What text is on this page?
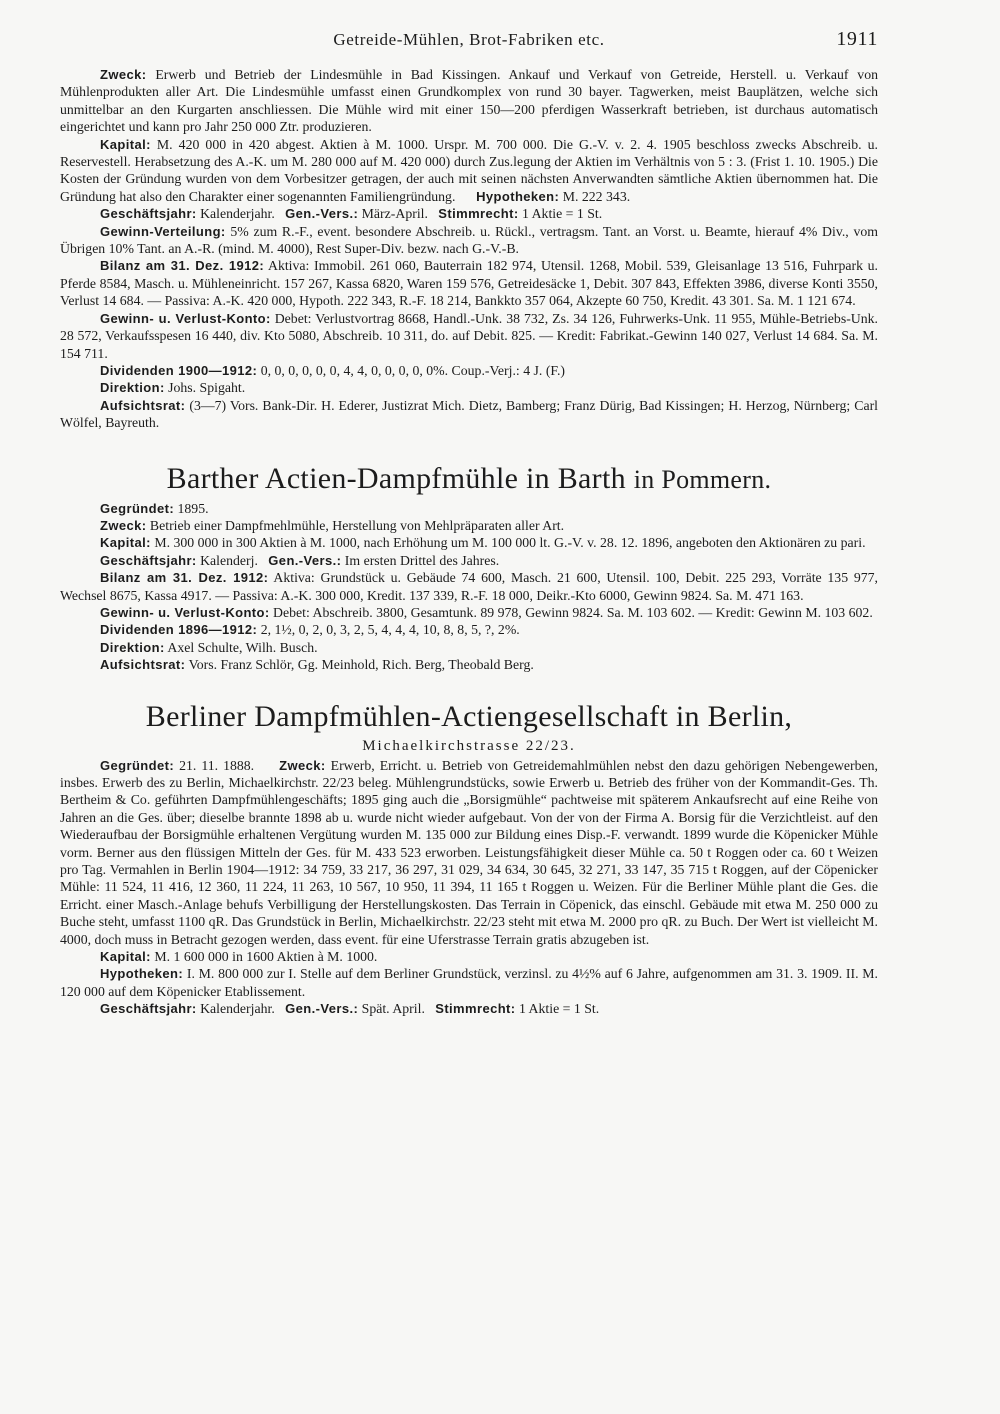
Getreide-Mühlen, Brot-Fabriken etc.	1911

Zweck: Erwerb und Betrieb der Lindesmühle in Bad Kissingen. Ankauf und Verkauf von Getreide, Herstell. u. Verkauf von Mühlenprodukten aller Art. Die Lindesmühle umfasst einen Grundkomplex von rund 30 bayer. Tagwerken, meist Bauplätzen, welche sich unmittelbar an den Kurgarten anschliessen. Die Mühle wird mit einer 150—200 pferdigen Wasserkraft betrieben, ist durchaus automatisch eingerichtet und kann pro Jahr 250 000 Ztr. produzieren.

Kapital: M. 420 000 in 420 abgest. Aktien à M. 1000. Urspr. M. 700 000. Die G.-V. v. 2. 4. 1905 beschloss zwecks Abschreib. u. Reservestell. Herabsetzung des A.-K. um M. 280 000 auf M. 420 000) durch Zus.legung der Aktien im Verhältnis von 5 : 3. (Frist 1. 10. 1905.) Die Kosten der Gründung wurden von dem Vorbesitzer getragen, der auch mit seinen nächsten Anverwandten sämtliche Aktien übernommen hat. Die Gründung hat also den Charakter einer sogenannten Familiengründung. Hypotheken: M. 222 343.

Geschäftsjahr: Kalenderjahr. Gen.-Vers.: März-April. Stimmrecht: 1 Aktie = 1 St.

Gewinn-Verteilung: 5% zum R.-F., event. besondere Abschreib. u. Rückl., vertragsm. Tant. an Vorst. u. Beamte, hierauf 4% Div., vom Übrigen 10% Tant. an A.-R. (mind. M. 4000), Rest Super-Div. bezw. nach G.-V.-B.

Bilanz am 31. Dez. 1912: Aktiva: Immobil. 261 060, Bauterrain 182 974, Utensil. 1268, Mobil. 539, Gleisanlage 13 516, Fuhrpark u. Pferde 8584, Masch. u. Mühleneinricht. 157 267, Kassa 6820, Waren 159 576, Getreidesäcke 1, Debit. 307 843, Effekten 3986, diverse Konti 3550, Verlust 14 684. — Passiva: A.-K. 420 000, Hypoth. 222 343, R.-F. 18 214, Bankkto 357 064, Akzepte 60 750, Kredit. 43 301. Sa. M. 1 121 674.

Gewinn- u. Verlust-Konto: Debet: Verlustvortrag 8668, Handl.-Unk. 38 732, Zs. 34 126, Fuhrwerks-Unk. 11 955, Mühle-Betriebs-Unk. 28 572, Verkaufsspesen 16 440, div. Kto 5080, Abschreib. 10 311, do. auf Debit. 825. — Kredit: Fabrikat.-Gewinn 140 027, Verlust 14 684. Sa. M. 154 711.

Dividenden 1900—1912: 0, 0, 0, 0, 0, 0, 4, 4, 0, 0, 0, 0, 0%. Coup.-Verj.: 4 J. (F.)

Direktion: Johs. Spigaht.

Aufsichtsrat: (3—7) Vors. Bank-Dir. H. Ederer, Justizrat Mich. Dietz, Bamberg; Franz Dürig, Bad Kissingen; H. Herzog, Nürnberg; Carl Wölfel, Bayreuth.

Barther Actien-Dampfmühle in Barth in Pommern.

Gegründet: 1895.

Zweck: Betrieb einer Dampfmehlmühle, Herstellung von Mehlpräparaten aller Art.

Kapital: M. 300 000 in 300 Aktien à M. 1000, nach Erhöhung um M. 100 000 lt. G.-V. v. 28. 12. 1896, angeboten den Aktionären zu pari.

Geschäftsjahr: Kalenderj. Gen.-Vers.: Im ersten Drittel des Jahres.

Bilanz am 31. Dez. 1912: Aktiva: Grundstück u. Gebäude 74 600, Masch. 21 600, Utensil. 100, Debit. 225 293, Vorräte 135 977, Wechsel 8675, Kassa 4917. — Passiva: A.-K. 300 000, Kredit. 137 339, R.-F. 18 000, Deikr.-Kto 6000, Gewinn 9824. Sa. M. 471 163.

Gewinn- u. Verlust-Konto: Debet: Abschreib. 3800, Gesamtunk. 89 978, Gewinn 9824. Sa. M. 103 602. — Kredit: Gewinn M. 103 602.

Dividenden 1896—1912: 2, 1½, 0, 2, 0, 3, 2, 5, 4, 4, 4, 10, 8, 8, 5, ?, 2%.

Direktion: Axel Schulte, Wilh. Busch.

Aufsichtsrat: Vors. Franz Schlör, Gg. Meinhold, Rich. Berg, Theobald Berg.

Berliner Dampfmühlen-Actiengesellschaft in Berlin,
Michaelkirchstrasse 22/23.

Gegründet: 21. 11. 1888. Zweck: Erwerb, Erricht. u. Betrieb von Getreidemahlmühlen nebst den dazu gehörigen Nebengewerben, insbes. Erwerb des zu Berlin, Michaelkirchstr. 22/23 beleg. Mühlengrundstücks, sowie Erwerb u. Betrieb des früher von der Kommandit-Ges. Th. Bertheim & Co. geführten Dampfmühlengeschäfts; 1895 ging auch die „Borsigmühle“ pachtweise mit späterem Ankaufsrecht auf eine Reihe von Jahren an die Ges. über; dieselbe brannte 1898 ab u. wurde nicht wieder aufgebaut. Von der von der Firma A. Borsig für die Verzichtleist. auf den Wiederaufbau der Borsigmühle erhaltenen Vergütung wurden M. 135 000 zur Bildung eines Disp.-F. verwandt. 1899 wurde die Köpenicker Mühle vorm. Berner aus den flüssigen Mitteln der Ges. für M. 433 523 erworben. Leistungsfähigkeit dieser Mühle ca. 50 t Roggen oder ca. 60 t Weizen pro Tag. Vermahlen in Berlin 1904—1912: 34 759, 33 217, 36 297, 31 029, 34 634, 30 645, 32 271, 33 147, 35 715 t Roggen, auf der Cöpenicker Mühle: 11 524, 11 416, 12 360, 11 224, 11 263, 10 567, 10 950, 11 394, 11 165 t Roggen u. Weizen. Für die Berliner Mühle plant die Ges. die Erricht. einer Masch.-Anlage behufs Verbilligung der Herstellungskosten. Das Terrain in Cöpenick, das einschl. Gebäude mit etwa M. 250 000 zu Buche steht, umfasst 1100 qR. Das Grundstück in Berlin, Michaelkirchstr. 22/23 steht mit etwa M. 2000 pro qR. zu Buch. Der Wert ist vielleicht M. 4000, doch muss in Betracht gezogen werden, dass event. für eine Uferstrasse Terrain gratis abzugeben ist.

Kapital: M. 1 600 000 in 1600 Aktien à M. 1000.

Hypotheken: I. M. 800 000 zur I. Stelle auf dem Berliner Grundstück, verzinsl. zu 4½% auf 6 Jahre, aufgenommen am 31. 3. 1909. II. M. 120 000 auf dem Köpenicker Etablissement.

Geschäftsjahr: Kalenderjahr. Gen.-Vers.: Spät. April. Stimmrecht: 1 Aktie = 1 St.
